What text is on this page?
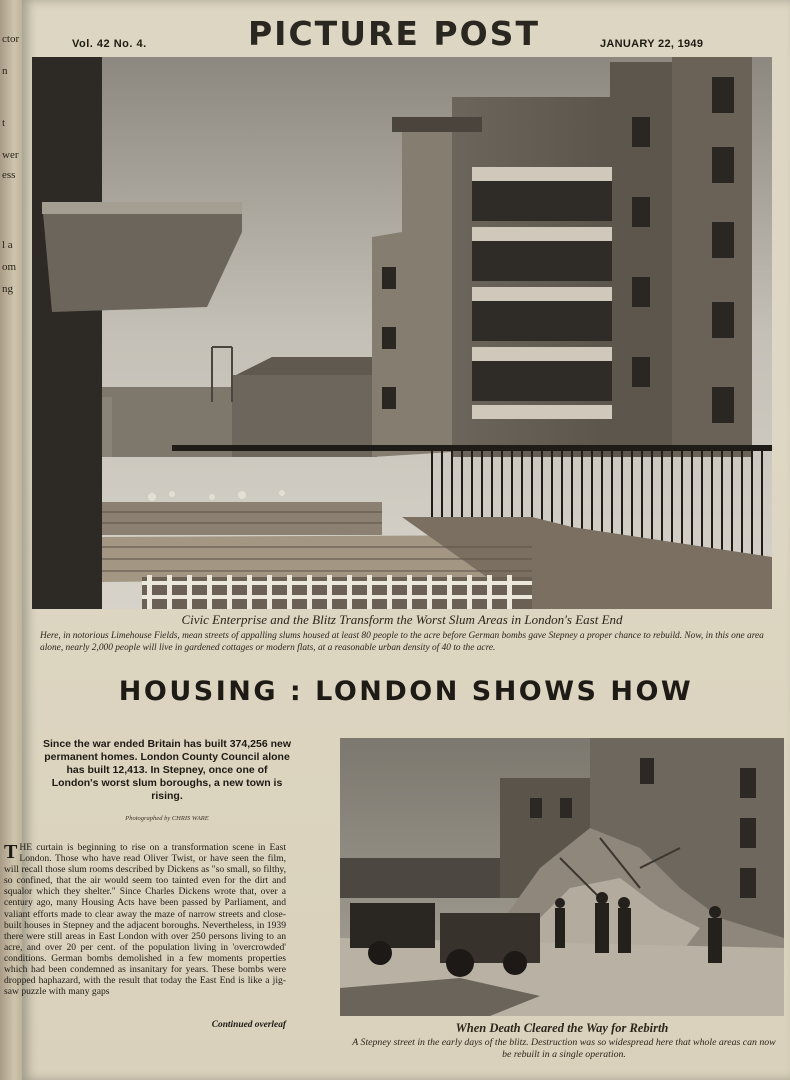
ctor
n
t
wer
ess
l a
om
ng
Vol. 42 No. 4.	PICTURE POST	JANUARY 22, 1949
Civic Enterprise and the Blitz Transform the Worst Slum Areas in London's East End
Here, in notorious Limehouse Fields, mean streets of appalling slums housed at least 80 people to the acre before German bombs gave Stepney a proper chance to rebuild. Now, in this one area alone, nearly 2,000 people will live in gardened cottages or modern flats, at a reasonable urban density of 40 to the acre.
HOUSING : LONDON SHOWS HOW
Since the war ended Britain has built 374,256 new permanent homes. London County Council alone has built 12,413. In Stepney, once one of London's worst slum boroughs, a new town is rising.
Photographed by CHRIS WARE
THE curtain is beginning to rise on a transformation scene in East London. Those who have read Oliver Twist, or have seen the film, will recall those slum rooms described by Dickens as "so small, so filthy, so confined, that the air would seem too tainted even for the dirt and squalor which they shelter." Since Charles Dickens wrote that, over a century ago, many Housing Acts have been passed by Parliament, and valiant efforts made to clear away the maze of narrow streets and close-built houses in Stepney and the adjacent boroughs. Nevertheless, in 1939 there were still areas in East London with over 250 persons living to an acre, and over 20 per cent. of the population living in 'overcrowded' conditions. German bombs demolished in a few moments properties which had been condemned as insanitary for years. These bombs were dropped haphazard, with the result that today the East End is like a jig-saw puzzle with many gaps
Continued overleaf	When Death Cleared the Way for Rebirth
A Stepney street in the early days of the blitz. Destruction was so widespread here that whole areas can now be rebuilt in a single operation.
